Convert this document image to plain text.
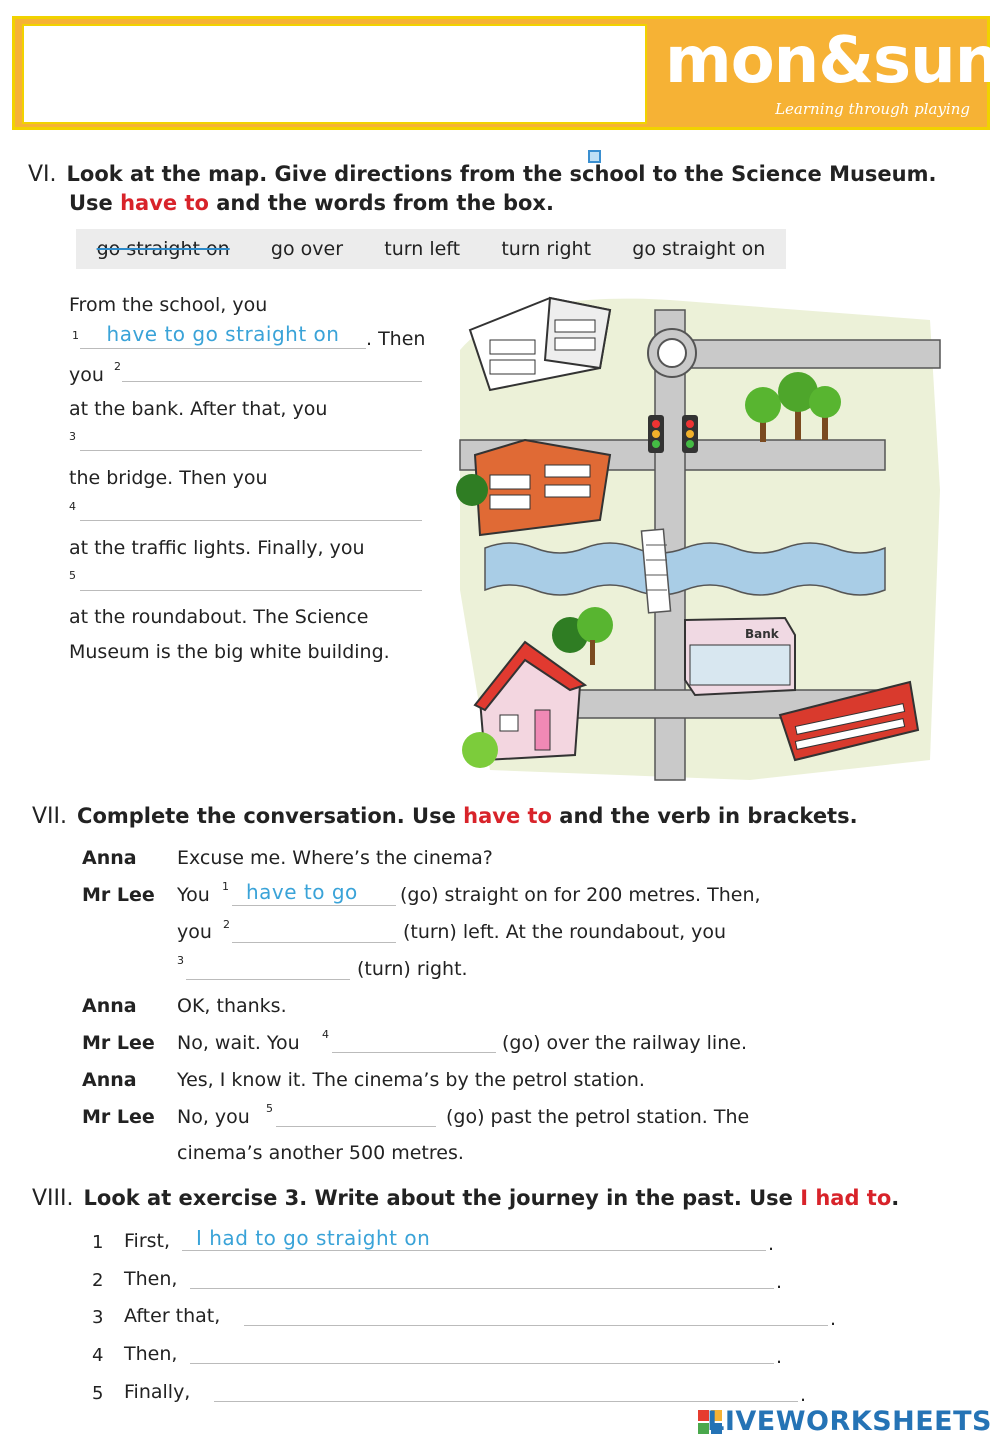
mon&sun
Learning through playing
VI. Look at the map. Give directions from the school to the Science Museum.
Use have to and the words from the box.
go straight on go over turn left turn right go straight on
From the school, you
1	have to go straight on	. Then
you 2
at the bank. After that, you
3
the bridge. Then you
4
at the traffic lights. Finally, you
5
at the roundabout. The Science
Museum is the big white building.
Bank
VII. Complete the conversation. Use have to and the verb in brackets.
Anna Excuse me. Where’s the cinema?
Mr Lee You 1 have to go	(go) straight on for 200 metres. Then,
you 2	(turn) left. At the roundabout, you
3	(turn) right.
Anna OK, thanks.
Mr Lee No, wait. You 4	(go) over the railway line.
Anna Yes, I know it. The cinema’s by the petrol station.
Mr Lee No, you 5	(go) past the petrol station. The
cinema’s another 500 metres.
VIII. Look at exercise 3. Write about the journey in the past. Use I had to.
1 First,	I had to go straight on	.
2 Then,	.
3 After that,	.
4 Then,	.
5 Finally,	.
LIVEWORKSHEETS
